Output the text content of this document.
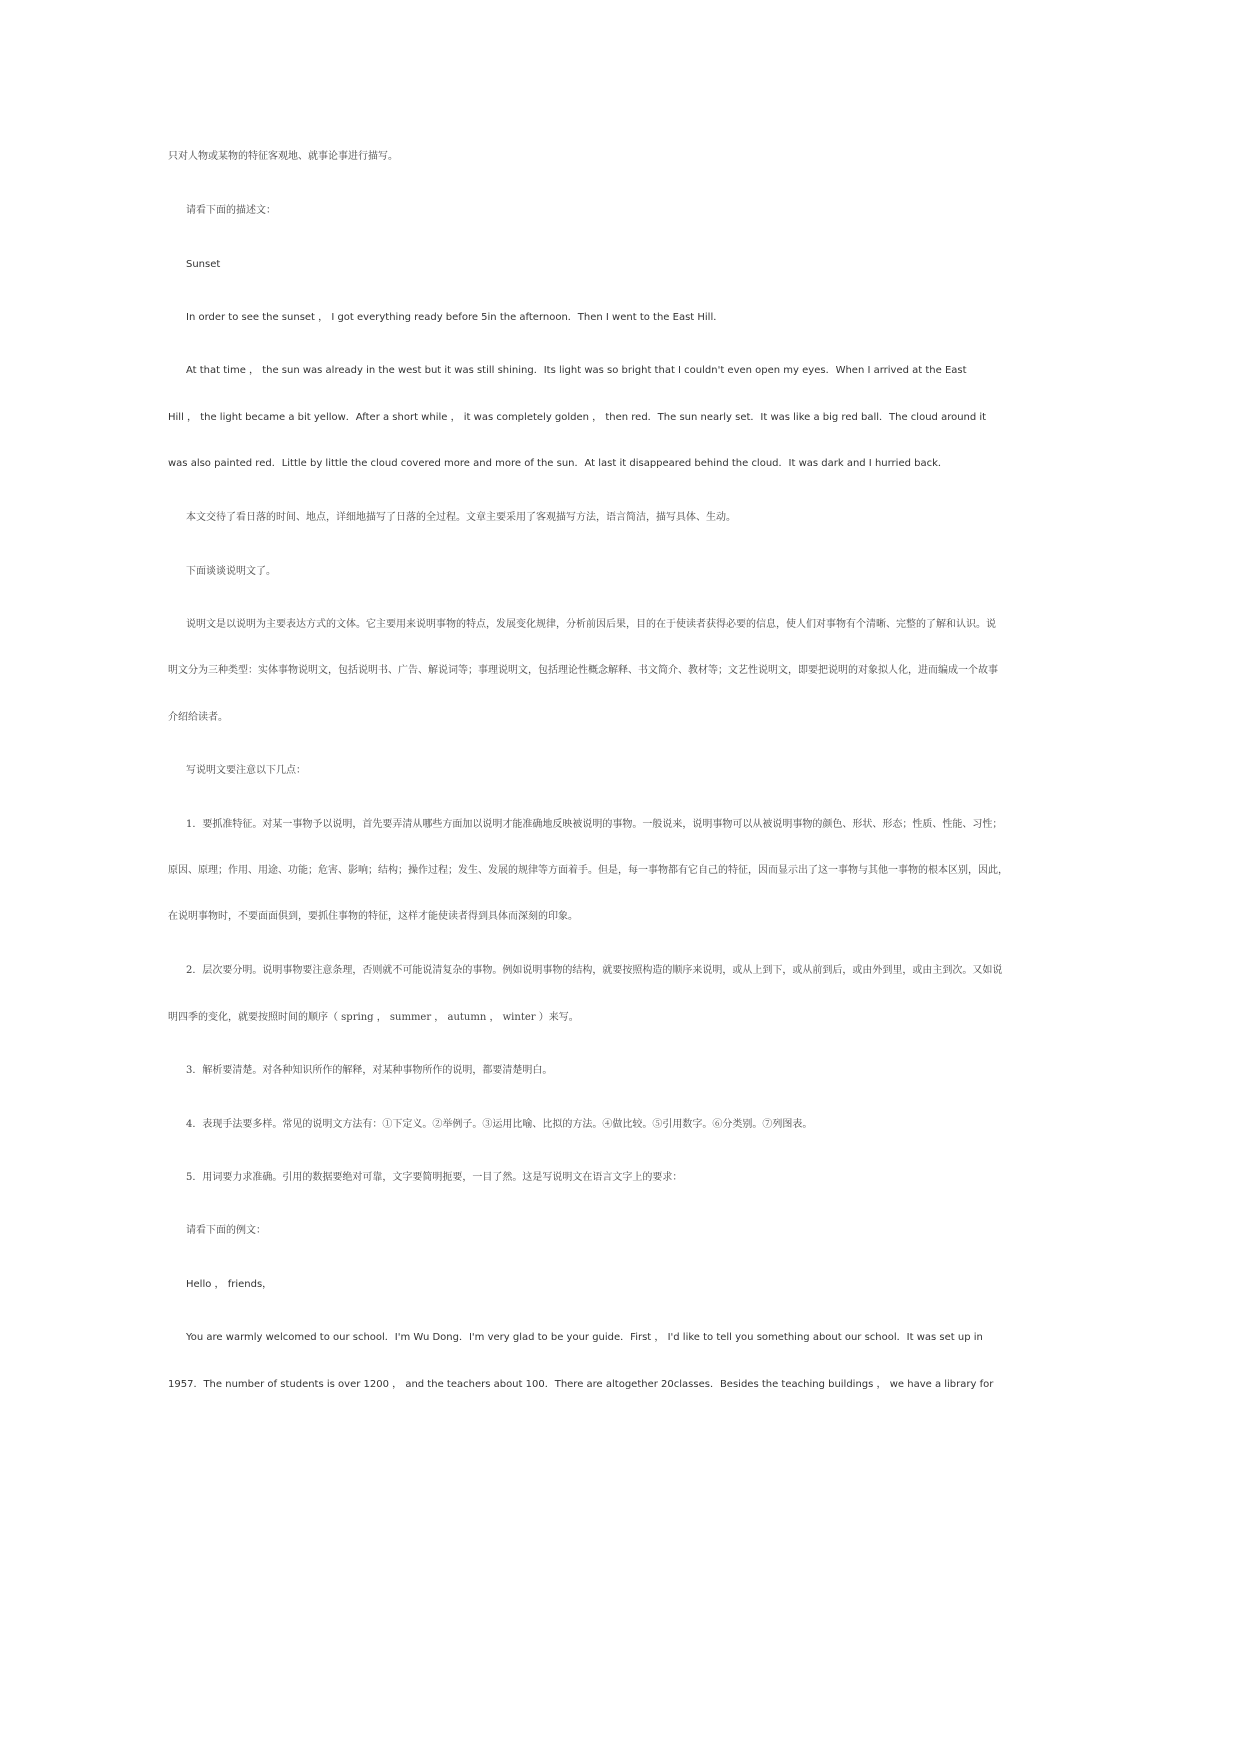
只对人物或某物的特征客观地、就事论事进行描写。
请看下面的描述文：
Sunset
In order to see the sunset ， I got everything ready before 5in the afternoon．Then I went to the East Hill．
At that time ， the sun was already in the west but it was still shining．Its light was so bright that I couldn't even open my eyes．When I arrived at the East
Hill ， the light became a bit yellow．After a short while ， it was completely golden ， then red．The sun nearly set．It was like a big red ball．The cloud around it
was also painted red．Little by little the cloud covered more and more of the sun．At last it disappeared behind the cloud．It was dark and I hurried back．
本文交待了看日落的时间、地点，详细地描写了日落的全过程。文章主要采用了客观描写方法，语言简洁，描写具体、生动。
下面谈谈说明文了。
说明文是以说明为主要表达方式的文体。它主要用来说明事物的特点，发展变化规律，分析前因后果，目的在于使读者获得必要的信息，使人们对事物有个清晰、完整的了解和认识。说
明文分为三种类型：实体事物说明文，包括说明书、广告、解说词等；事理说明文，包括理论性概念解释、书文简介、教材等；文艺性说明文，即要把说明的对象拟人化，进而编成一个故事
介绍给读者。
写说明文要注意以下几点：
1．要抓准特征。对某一事物予以说明，首先要弄清从哪些方面加以说明才能准确地反映被说明的事物。一般说来，说明事物可以从被说明事物的颜色、形状、形态；性质、性能、习性；
原因、原理；作用、用途、功能；危害、影响；结构；操作过程；发生、发展的规律等方面着手。但是，每一事物都有它自己的特征，因而显示出了这一事物与其他一事物的根本区别，因此，
在说明事物时，不要面面俱到，要抓住事物的特征，这样才能使读者得到具体而深刻的印象。
2．层次要分明。说明事物要注意条理，否则就不可能说清复杂的事物。例如说明事物的结构，就要按照构造的顺序来说明，或从上到下，或从前到后，或由外到里，或由主到次。又如说
明四季的变化，就要按照时间的顺序（ spring ， summer ， autumn ， winter ）来写。
3．解析要清楚。对各种知识所作的解释，对某种事物所作的说明，都要清楚明白。
4．表现手法要多样。常见的说明文方法有：①下定义。②举例子。③运用比喻、比拟的方法。④做比较。⑤引用数字。⑥分类别。⑦列图表。
5．用词要力求准确。引用的数据要绝对可靠，文字要简明扼要，一目了然。这是写说明文在语言文字上的要求：
请看下面的例文：
Hello ， friends，
You are warmly welcomed to our school．I'm Wu Dong．I'm very glad to be your guide．First ， I'd like to tell you something about our school．It was set up in
1957．The number of students is over 1200 ， and the teachers about 100．There are altogether 20classes．Besides the teaching buildings ， we have a library for
